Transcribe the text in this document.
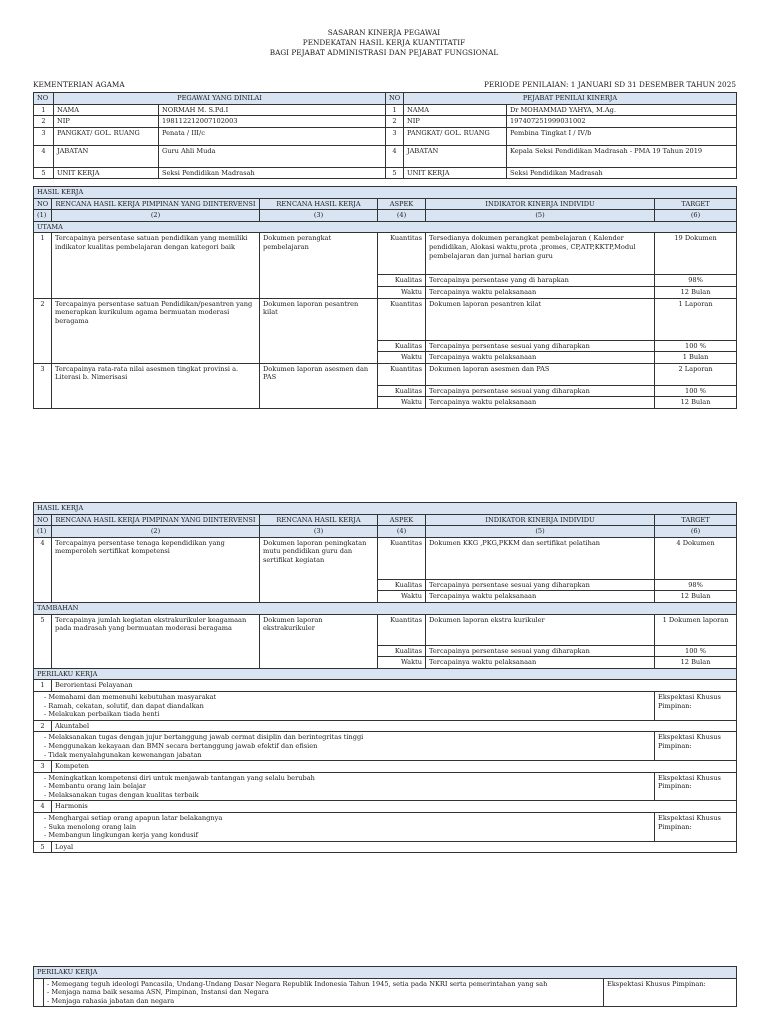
SASARAN KINERJA PEGAWAI
PENDEKATAN HASIL KERJA KUANTITATIF
BAGI PEJABAT ADMINISTRASI DAN PEJABAT FUNGSIONAL
KEMENTERIAN AGAMA	PERIODE PENILAIAN: 1 JANUARI SD 31 DESEMBER TAHUN 2025
NO	PEGAWAI YANG DINILAI		NO	PEJABAT PENILAI KINERJA	
1	NAMA	NORMAH M. S.Pd.I	1	NAMA	Dr MOHAMMAD YAHYA, M.Ag.
2	NIP	198112212007102003	2	NIP	197407251999031002
3	PANGKAT/ GOL. RUANG	Penata / III/c	3	PANGKAT/ GOL. RUANG	Pembina Tingkat I / IV/b
4	JABATAN	Guru Ahli Muda	4	JABATAN	Kepala Seksi Pendidikan Madrasah - PMA 19 Tahun 2019
5	UNIT KERJA	Seksi Pendidikan Madrasah	5	UNIT KERJA	Seksi Pendidikan Madrasah
HASIL KERJA					
NO	RENCANA HASIL KERJA PIMPINAN YANG DIINTERVENSI	RENCANA HASIL KERJA	ASPEK	INDIKATOR KINERJA INDIVIDU	TARGET
(1)	(2)	(3)	(4)	(5)	(6)
UTAMA					
1	Tercapainya persentase satuan pendidikan yang memiliki indikator kualitas pembelajaran dengan kategori baik	Dokumen perangkat pembelajaran	Kuantitas	Tersedianya dokumen perangkat pembelajaran ( Kalender pendidikan, Alokasi waktu,prota ,promes, CP,ATP,KKTP,Modul pembelajaran dan jurnal harian guru	19 Dokumen
			Kualitas	Tercapainya persentase yang di harapkan	98%
			Waktu	Tercapainya waktu pelaksanaan	12 Bulan
2	Tercapainya persentase satuan Pendidikan/pesantren yang menerapkan kurikulum agama bermuatan moderasi beragama	Dokumen laporan pesantren kilat	Kuantitas	Dokumen laporan pesantren kilat	1 Laporan
			Kualitas	Tercapainya persentase sesuai yang diharapkan	100 %
			Waktu	Tercapainya waktu pelaksanaan	1 Bulan
3	Tercapainya rata-rata nilai asesmen tingkat provinsi a. Literasi b. Nimerisasi	Dokumen laporan asesmen dan PAS	Kuantitas	Dokumen laporan asesmen dan PAS	2 Laporan
			Kualitas	Tercapainya persentase sesuai yang diharapkan	100 %
			Waktu	Tercapainya waktu pelaksanaan	12 Bulan
HASIL KERJA					
NO	RENCANA HASIL KERJA PIMPINAN YANG DIINTERVENSI	RENCANA HASIL KERJA	ASPEK	INDIKATOR KINERJA INDIVIDU	TARGET
(1)	(2)	(3)	(4)	(5)	(6)
4	Tercapainya persentase tenaga kependidikan yang memperoleh sertifikat kompetensi	Dokumen laporan peningkatan mutu pendidikan guru dan sertifikat kegiatan	Kuantitas	Dokumen KKG ,PKG,PKKM dan sertifikat pelatihan	4 Dokumen
			Kualitas	Tercapainya persentase sesuai yang diharapkan	98%
			Waktu	Tercapainya waktu pelaksanaan	12 Bulan
TAMBAHAN					
5	Tercapainya jumlah kegiatan ekstrakurikuler keagamaan pada madrasah yang bermuatan moderasi beragama	Dokumen laporan ekstrakurikuler	Kuantitas	Dokumen laporan ekstra kurikuler	1 Dokumen laporan
			Kualitas	Tercapainya persentase sesuai yang diharapkan	100 %
			Waktu	Tercapainya waktu pelaksanaan	12 Bulan
PERILAKU KERJA					
1	Berorientasi Pelayanan				
- Memahami dan memenuhi kebutuhan masyarakat
- Ramah, cekatan, solutif, dan dapat diandalkan
- Melakukan perbaikan tiada henti					Ekspektasi Khusus Pimpinan:
2	Akuntabel				
- Melaksanakan tugas dengan jujur bertanggung jawab cermat disiplin dan berintegritas tinggi
- Menggunakan kekayaan dan BMN secara bertanggung jawab efektif dan efisien
- Tidak menyalahgunakan kewenangan jabatan					Ekspektasi Khusus Pimpinan:
3	Kompeten				
- Meningkatkan kompetensi diri untuk menjawab tantangan yang selalu berubah
- Membantu orang lain belajar
- Melaksanakan tugas dengan kualitas terbaik					Ekspektasi Khusus Pimpinan:
4	Harmonis				
- Menghargai setiap orang apapun latar belakangnya
- Suka menolong orang lain
- Membangun lingkungan kerja yang kondusif					Ekspektasi Khusus Pimpinan:
5	Loyal				
PERILAKU KERJA
	- Memegang teguh ideologi Pancasila, Undang-Undang Dasar Negara Republik Indonesia Tahun 1945, setia pada NKRI serta pemerintahan yang sah
- Menjaga nama baik sesama ASN, Pimpinan, Instansi dan Negara
- Menjaga rahasia jabatan dan negara	Ekspektasi Khusus Pimpinan:
